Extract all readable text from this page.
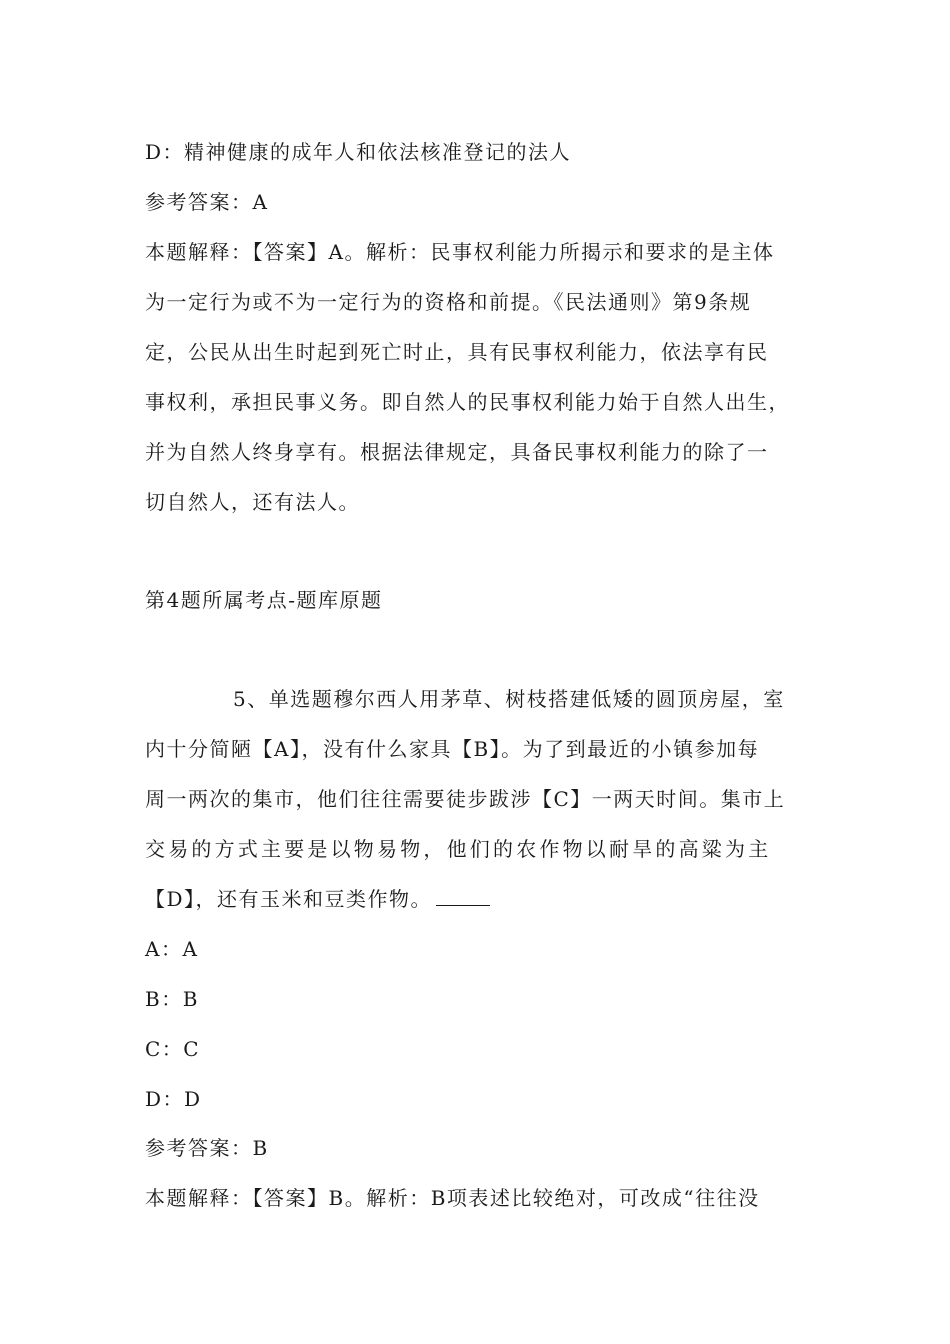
D：精神健康的成年人和依法核准登记的法人
参考答案：A
本题解释：【答案】A。解析：民事权利能力所揭示和要求的是主体
为一定行为或不为一定行为的资格和前提。《民法通则》第9条规
定，公民从出生时起到死亡时止，具有民事权利能力，依法享有民
事权利，承担民事义务。即自然人的民事权利能力始于自然人出生，
并为自然人终身享有。根据法律规定，具备民事权利能力的除了一
切自然人，还有法人。
第4题所属考点-题库原题
5、单选题穆尔西人用茅草、树枝搭建低矮的圆顶房屋，室
内十分简陋【A】，没有什么家具【B】。为了到最近的小镇参加每
周一两次的集市，他们往往需要徒步跋涉【C】一两天时间。集市上
交易的方式主要是以物易物，他们的农作物以耐旱的高粱为主
【D】，还有玉米和豆类作物。
A：A
B：B
C：C
D：D
参考答案：B
本题解释：【答案】B。解析：B项表述比较绝对，可改成“往往没
